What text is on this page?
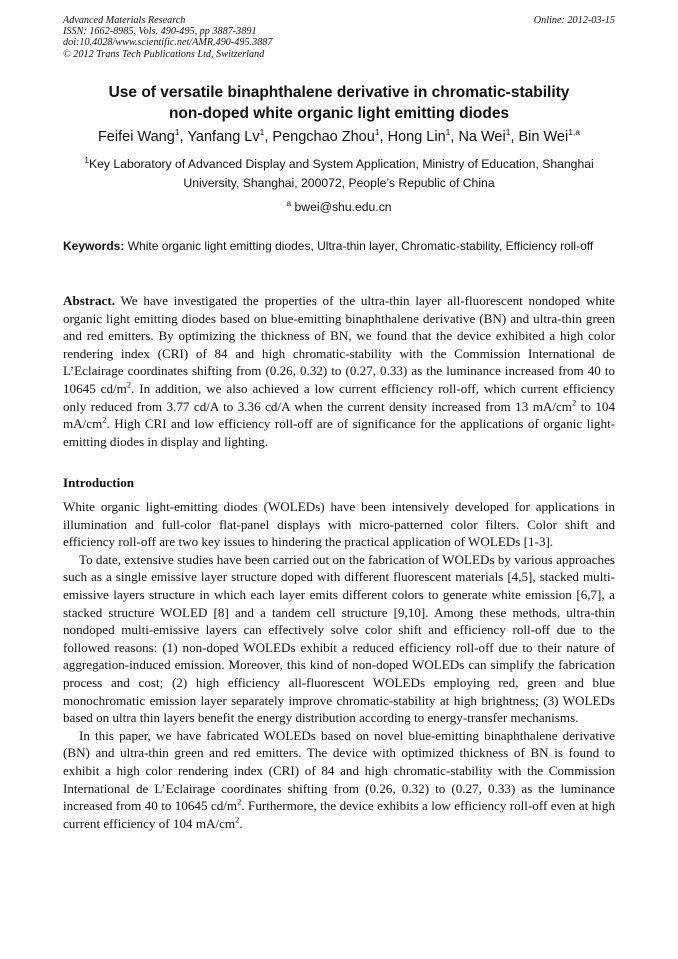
Advanced Materials Research
ISSN: 1662-8985, Vols. 490-495, pp 3887-3891
doi:10.4028/www.scientific.net/AMR.490-495.3887
© 2012 Trans Tech Publications Ltd, Switzerland
Online: 2012-03-15
Use of versatile binaphthalene derivative in chromatic-stability
non-doped white organic light emitting diodes
Feifei Wang$^1$, Yanfang Lv$^1$, Pengchao Zhou$^1$, Hong Lin$^1$, Na Wei$^1$, Bin Wei$^{1,a}$
$^1$Key Laboratory of Advanced Display and System Application, Ministry of Education, Shanghai University, Shanghai, 200072, People’s Republic of China
$^a$ bwei@shu.edu.cn
Keywords: White organic light emitting diodes, Ultra-thin layer, Chromatic-stability, Efficiency roll-off
Abstract. We have investigated the properties of the ultra-thin layer all-fluorescent nondoped white organic light emitting diodes based on blue-emitting binaphthalene derivative (BN) and ultra-thin green and red emitters. By optimizing the thickness of BN, we found that the device exhibited a high color rendering index (CRI) of 84 and high chromatic-stability with the Commission International de L’Eclairage coordinates shifting from (0.26, 0.32) to (0.27, 0.33) as the luminance increased from 40 to 10645 $cd/m^2$. In addition, we also achieved a low current efficiency roll-off, which current efficiency only reduced from 3.77 cd/A to 3.36 cd/A when the current density increased from 13 $mA/cm^2$ to 104 $mA/cm^2$. High CRI and low efficiency roll-off are of significance for the applications of organic light-emitting diodes in display and lighting.
Introduction

White organic light-emitting diodes (WOLEDs) have been intensively developed for applications in illumination and full-color flat-panel displays with micro-patterned color filters. Color shift and efficiency roll-off are two key issues to hindering the practical application of WOLEDs [1-3].

To date, extensive studies have been carried out on the fabrication of WOLEDs by various approaches such as a single emissive layer structure doped with different fluorescent materials [4,5], stacked multi-emissive layers structure in which each layer emits different colors to generate white emission [6,7], a stacked structure WOLED [8] and a tandem cell structure [9,10]. Among these methods, ultra-thin nondoped multi-emissive layers can effectively solve color shift and efficiency roll-off due to the followed reasons: (1) non-doped WOLEDs exhibit a reduced efficiency roll-off due to their nature of aggregation-induced emission. Moreover, this kind of non-doped WOLEDs can simplify the fabrication process and cost; (2) high efficiency all-fluorescent WOLEDs employing red, green and blue monochromatic emission layer separately improve chromatic-stability at high brightness; (3) WOLEDs based on ultra thin layers benefit the energy distribution according to energy-transfer mechanisms.

In this paper, we have fabricated WOLEDs based on novel blue-emitting binaphthalene derivative (BN) and ultra-thin green and red emitters. The device with optimized thickness of BN is found to exhibit a high color rendering index (CRI) of 84 and high chromatic-stability with the Commission International de L’Eclairage coordinates shifting from (0.26, 0.32) to (0.27, 0.33) as the luminance increased from 40 to 10645 $cd/m^2$. Furthermore, the device exhibits a low efficiency roll-off even at high current efficiency of 104 $mA/cm^2$.
